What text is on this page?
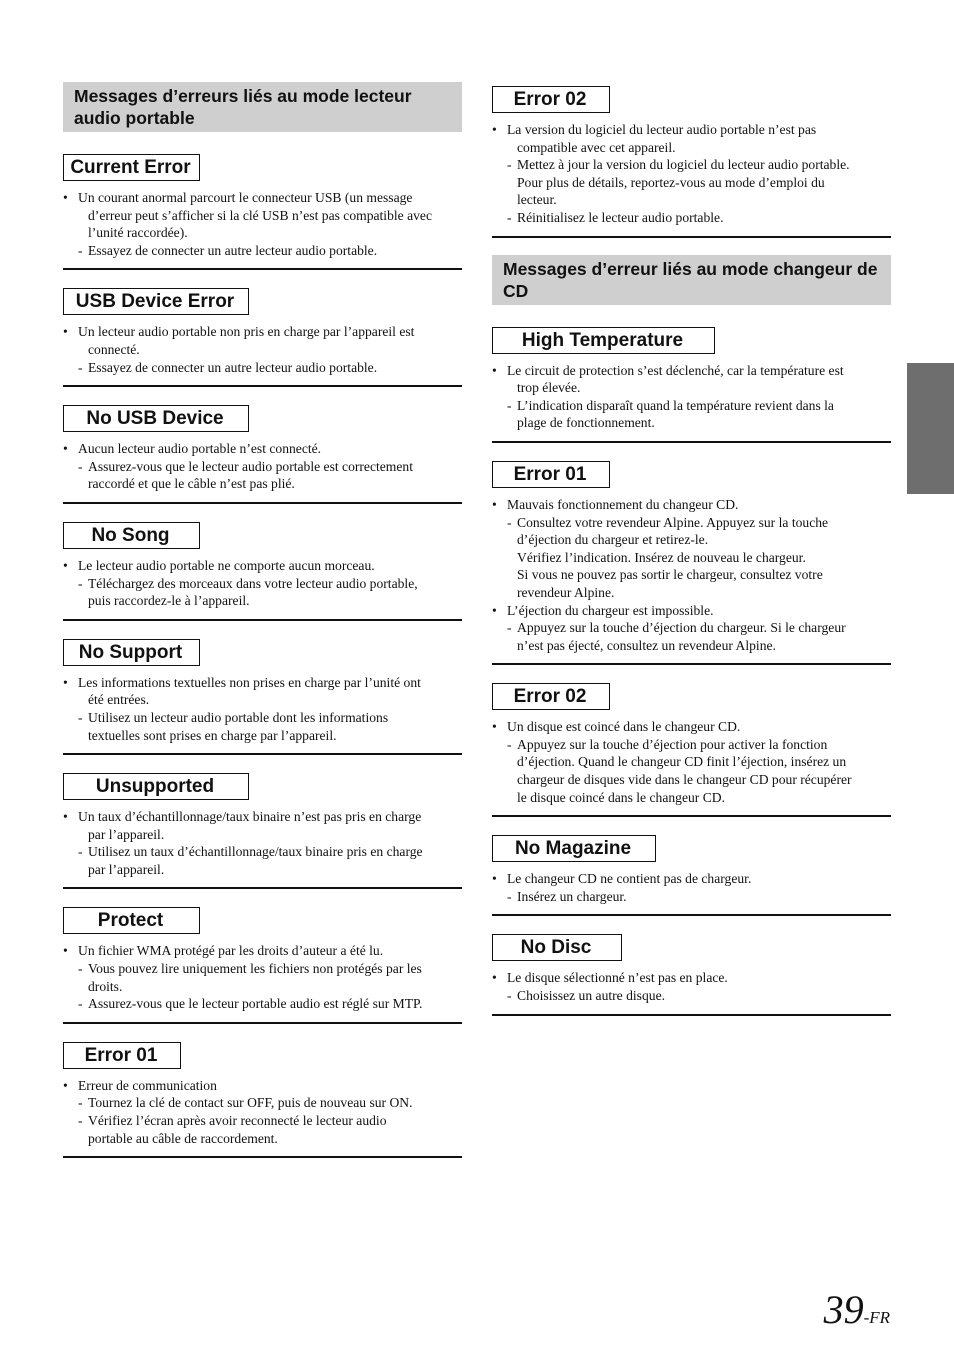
Messages d’erreurs liés au mode lecteur audio portable
Current Error
• Un courant anormal parcourt le connecteur USB (un message
d’erreur peut s’afficher si la clé USB n’est pas compatible avec
l’unité raccordée).
- Essayez de connecter un autre lecteur audio portable.
USB Device Error
• Un lecteur audio portable non pris en charge par l’appareil est
connecté.
- Essayez de connecter un autre lecteur audio portable.
No USB Device
• Aucun lecteur audio portable n’est connecté.
- Assurez-vous que le lecteur audio portable est correctement
raccordé et que le câble n’est pas plié.
No Song
• Le lecteur audio portable ne comporte aucun morceau.
- Téléchargez des morceaux dans votre lecteur audio portable,
puis raccordez-le à l’appareil.
No Support
• Les informations textuelles non prises en charge par l’unité ont
été entrées.
- Utilisez un lecteur audio portable dont les informations
textuelles sont prises en charge par l’appareil.
Unsupported
• Un taux d’échantillonnage/taux binaire n’est pas pris en charge
par l’appareil.
- Utilisez un taux d’échantillonnage/taux binaire pris en charge
par l’appareil.
Protect
• Un fichier WMA protégé par les droits d’auteur a été lu.
- Vous pouvez lire uniquement les fichiers non protégés par les
droits.
- Assurez-vous que le lecteur portable audio est réglé sur MTP.
Error 01
• Erreur de communication
- Tournez la clé de contact sur OFF, puis de nouveau sur ON.
- Vérifiez l’écran après avoir reconnecté le lecteur audio
portable au câble de raccordement.
Error 02
• La version du logiciel du lecteur audio portable n’est pas
compatible avec cet appareil.
- Mettez à jour la version du logiciel du lecteur audio portable.
Pour plus de détails, reportez-vous au mode d’emploi du
lecteur.
- Réinitialisez le lecteur audio portable.
Messages d’erreur liés au mode changeur de CD
High Temperature
• Le circuit de protection s’est déclenché, car la température est
trop élevée.
- L’indication disparaît quand la température revient dans la
plage de fonctionnement.
Error 01
• Mauvais fonctionnement du changeur CD.
- Consultez votre revendeur Alpine. Appuyez sur la touche
d’éjection du chargeur et retirez-le.
Vérifiez l’indication. Insérez de nouveau le chargeur.
Si vous ne pouvez pas sortir le chargeur, consultez votre
revendeur Alpine.
• L’éjection du chargeur est impossible.
- Appuyez sur la touche d’éjection du chargeur. Si le chargeur
n’est pas éjecté, consultez un revendeur Alpine.
Error 02
• Un disque est coincé dans le changeur CD.
- Appuyez sur la touche d’éjection pour activer la fonction
d’éjection. Quand le changeur CD finit l’éjection, insérez un
chargeur de disques vide dans le changeur CD pour récupérer
le disque coincé dans le changeur CD.
No Magazine
• Le changeur CD ne contient pas de chargeur.
- Insérez un chargeur.
No Disc
• Le disque sélectionné n’est pas en place.
- Choisissez un autre disque.
39-FR
